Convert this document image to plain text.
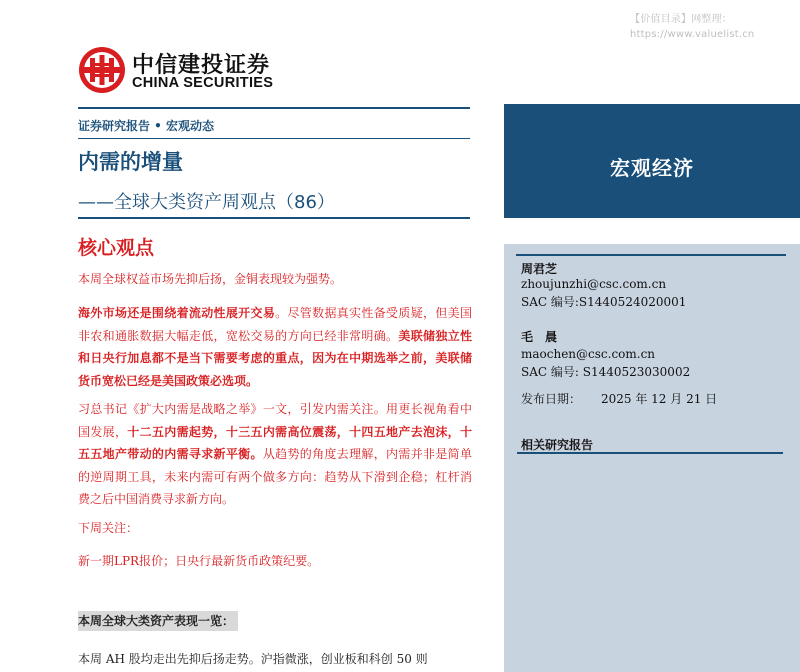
【价值目录】网整理：
https://www.valuelist.cn
中信建投证券
CHINA SECURITIES
证券研究报告 • 宏观动态
内需的增量
——全球大类资产周观点（86）
核心观点
本周全球权益市场先抑后扬，金铜表现较为强势。
海外市场还是围绕着流动性展开交易。尽管数据真实性备受质疑，但美国非农和通胀数据大幅走低，宽松交易的方向已经非常明确。美联储独立性和日央行加息都不是当下需要考虑的重点，因为在中期选举之前，美联储货币宽松已经是美国政策必选项。
习总书记《扩大内需是战略之举》一文，引发内需关注。用更长视角看中国发展，十二五内需起势，十三五内需高位震荡，十四五地产去泡沫，十五五地产带动的内需寻求新平衡。从趋势的角度去理解，内需并非是简单的逆周期工具，未来内需可有两个做多方向：趋势从下滑到企稳；杠杆消费之后中国消费寻求新方向。
下周关注：
新一期LPR报价；日央行最新货币政策纪要。
本周全球大类资产表现一览：
本周 AH 股均走出先抑后扬走势。沪指微涨，创业板和科创 50 则
宏观经济
周君芝
zhoujunzhi@csc.com.cn
SAC 编号:S1440524020001
毛　晨
maochen@csc.com.cn
SAC 编号: S1440523030002
发布日期： 2025 年 12 月 21 日
相关研究报告
